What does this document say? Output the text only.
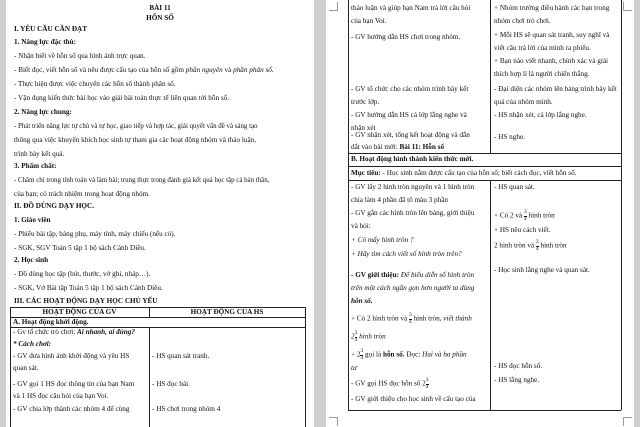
BÀI 11
HỖN SỐ
I. YÊU CẦU CẦN ĐẠT
1. Năng lực đặc thù:
- Nhận biết về hỗn số qua hình ảnh trực quan.
- Biết đọc, viết hỗn số và nêu được cấu tạo của hỗn số gồm phần nguyên và phần phân số.
- Thực hiện được việc chuyển các hỗn số thành phân số.
- Vận dụng kiến thức bài học vào giải bài toán thực tế liên quan tới hỗn số.
2. Năng lực chung:
- Phát triển năng lực tự chủ và tự học, giao tiếp và hợp tác, giải quyết vấn đề và sáng tạo
thông qua việc khuyến khích học sinh tự tham gia các hoạt động nhóm và thảo luận,
trình bày kết quả.
3. Phẩm chất:
- Chăm chỉ trong tính toán và làm bài; trung thực trong đánh giá kết quả học tập cá bản thân,
của bạn; có trách nhiệm trong hoạt động nhóm.
II. ĐỒ DÙNG DẠY HỌC.
1. Giáo viên
- Phiếu bài tập, bảng phụ, máy tính, máy chiếu (nếu có).
- SGK, SGV Toán 5 tập 1 bộ sách Cánh Diều.
2. Học sinh
- Đồ dùng học tập (bút, thước, vở ghi, nháp…).
- SGK, Vở Bài tập Toán 5 tập 1 bộ sách Cánh Diều.
III. CÁC HOẠT ĐỘNG DẠY HỌC CHỦ YẾU
HOẠT ĐỘNG CỦA GV	HOẠT ĐỘNG CỦA HS
A. Hoạt động khởi động.
- Gv tổ chức trò chơi: Ai nhanh, ai đúng?
* Cách chơi:
- GV đưa hình ảnh khởi động và yêu HS
quan sát.
- HS quan sát tranh.
- GV gọi 1 HS đọc thông tin của bạn Nam
và 1 HS đọc câu hỏi của bạn Voi.
- HS đọc bài.
- GV chia lớp thành các nhóm 4 để cùng	- HS chơi trong nhóm 4
thảo luận và giúp bạn Nam trả lời câu hỏi
của bạn Voi.
- GV hướng dẫn HS chơi trong nhóm.
+ Nhóm trưởng điều hành các bạn trong
nhóm chơi trò chơi.
+ Mỗi HS sẽ quan sát tranh, suy nghĩ và
viết câu trả lời của mình ra phiếu.
+ Bạn nào viết nhanh, chính xác và giải
thích hợp lí là người chiến thắng.
- GV tổ chức cho các nhóm trình bày kết
trước lớp.
- Đại diện các nhóm lên bảng trình bày kết
quả của nhóm mình.
- GV hướng dẫn HS cả lớp lắng nghe và
nhận xét
- HS nhận xét, cả lớp lắng nghe.
- GV nhận xét, tổng kết hoạt động và dẫn
dắt vào bài mới: Bài 11: Hỗn số
- HS nghe.
B. Hoạt động hình thành kiến thức mới.
Mục tiêu: - Học sinh nắm được cấu tạo của hỗn số; biết cách đọc, viết hỗn số.
- GV lấy 2 hình tròn nguyên và 1 hình tròn
chia làm 4 phần đã tô màu 3 phần
- GV gắn các hình tròn lên bảng, giới thiệu
và hỏi:
+ Có mấy hình tròn ?
+ Hãy tìm cách viết số hình tròn trên?
- GV giới thiệu: Để biểu diễn số hình tròn
trên một cách ngắn gọn hơn người ta dùng
hỗn số.
+ Có 2 hình tròn và $\frac{3}{4}$ hình tròn, viết thành
$2 \frac{3}{4}$ hình tròn
+ $2 \frac{3}{4}$ gọi là hỗn số. Đọc: Hai và ba phần
tư
- GV gọi HS đọc hỗn số $2 \frac{3}{4}$
- GV giới thiệu cho học sinh về cấu tạo của
- HS quan sát.
+ Có 2 và $\frac{3}{4}$ hình tròn
+ HS nêu cách viết.
2 hình tròn và $\frac{3}{4}$ hình tròn
- Học sinh lắng nghe và quan sát.
- HS đọc hỗn số.
- HS lắng nghe.
